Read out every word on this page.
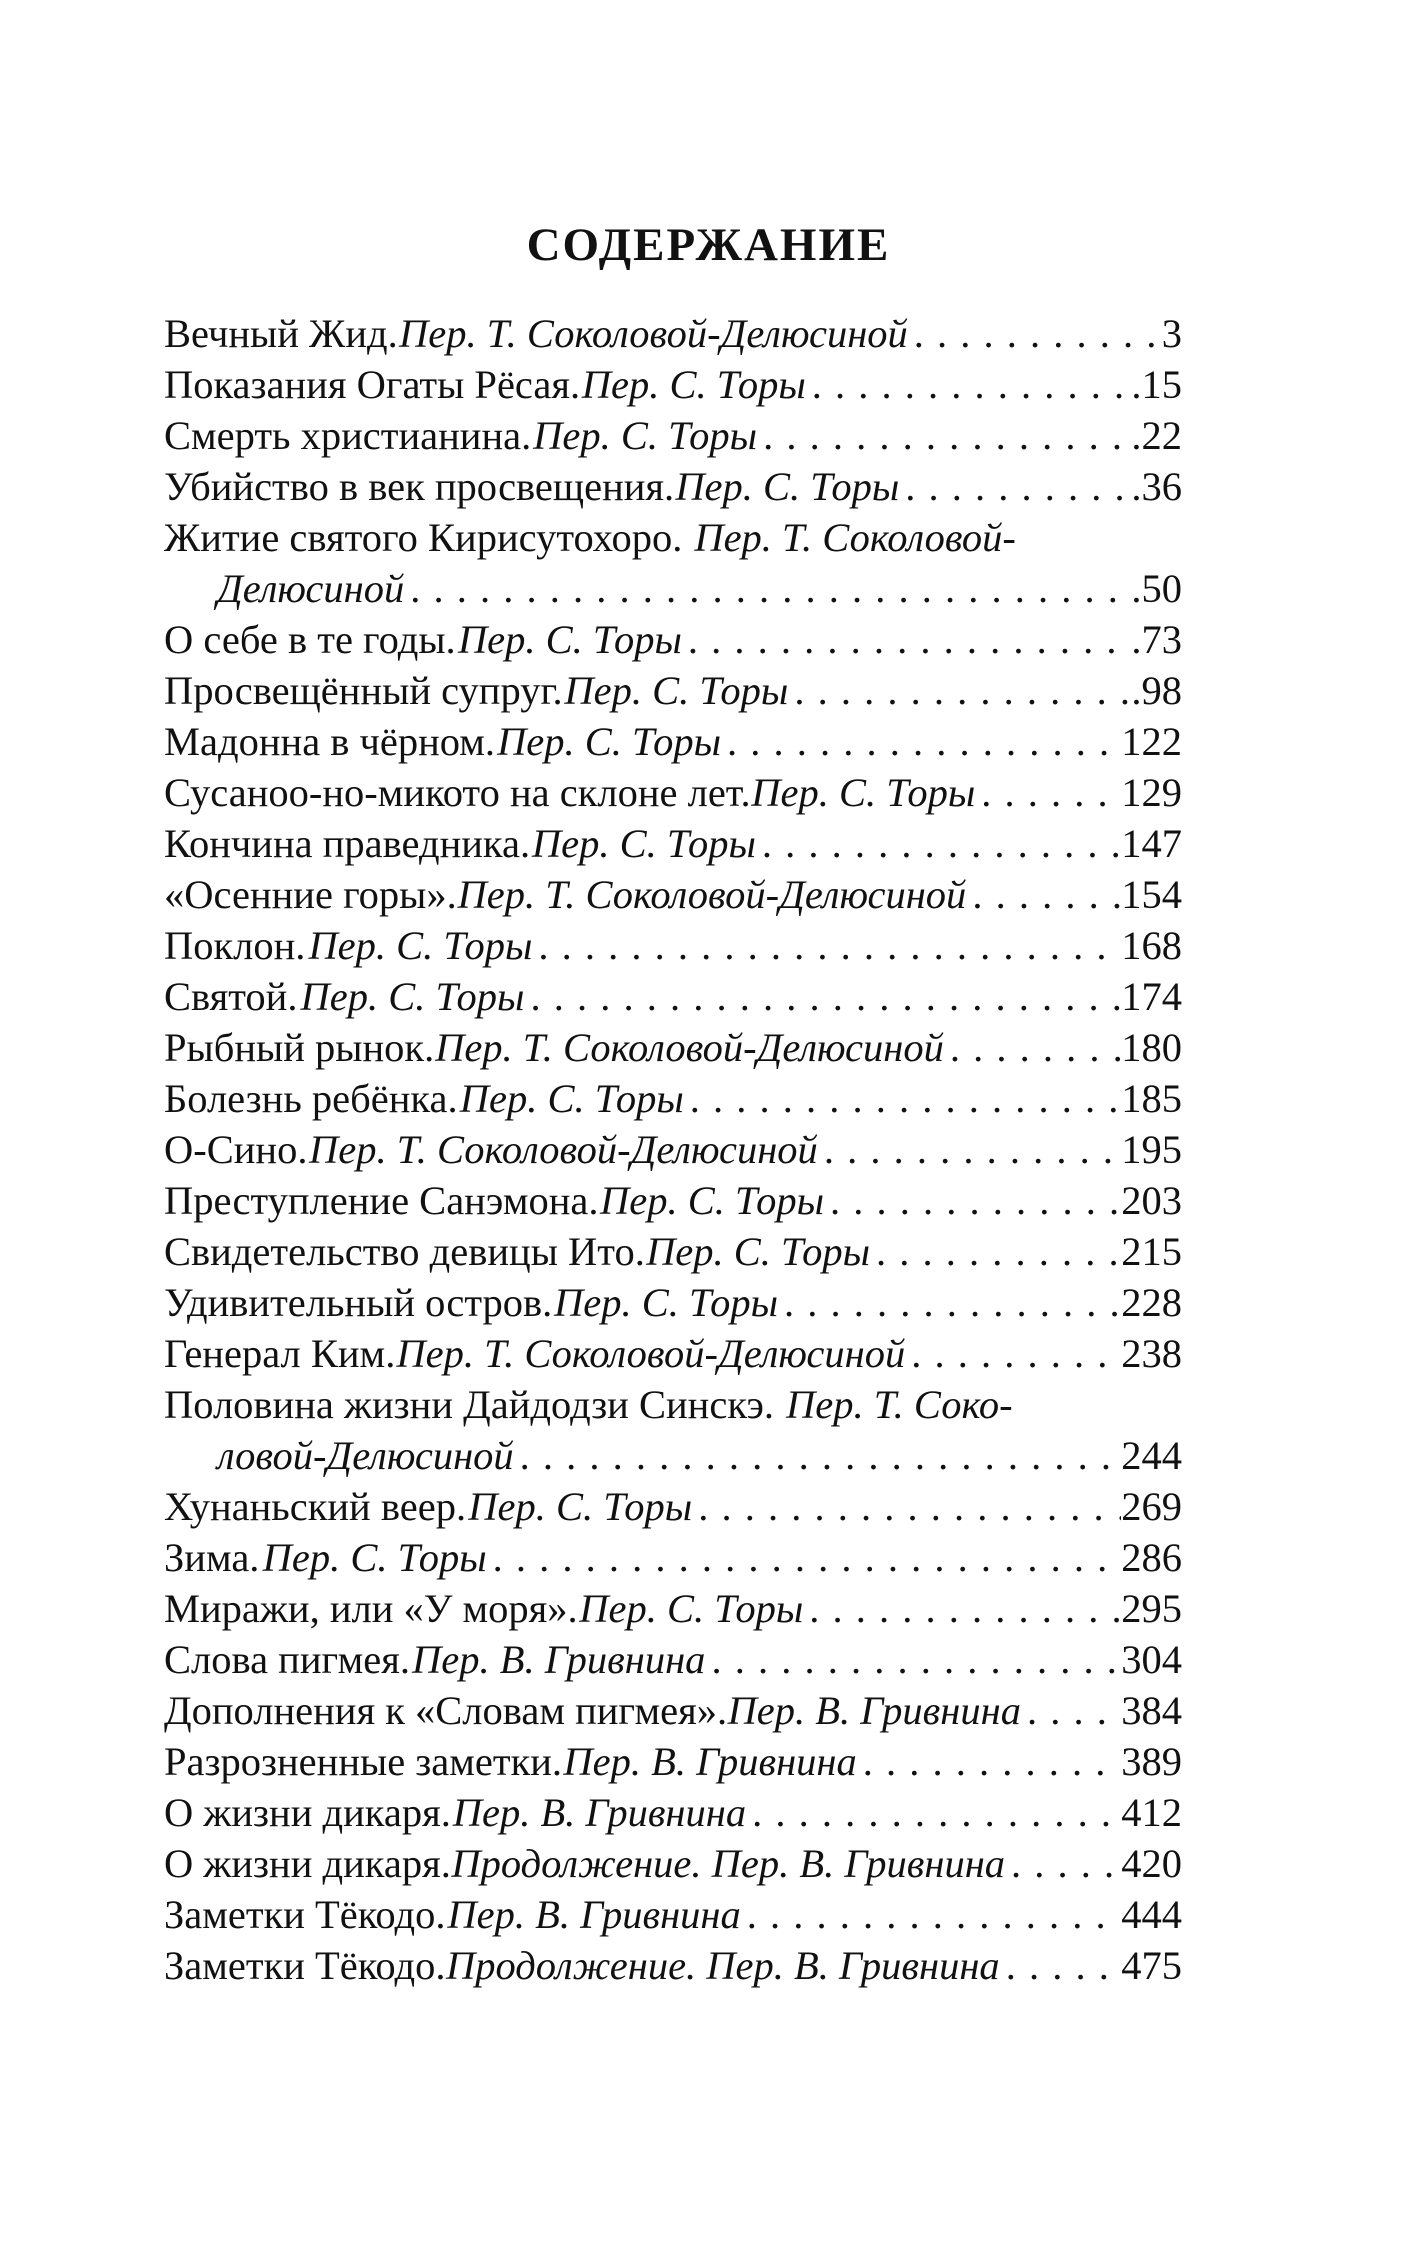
СОДЕРЖАНИЕ
Вечный Жид. Пер. Т. Соколовой-Делюсиной . . .	3
Показания Огаты Рёсая. Пер. С. Торы . . .	.15
Смерть христианина. Пер. С. Торы . . .	.22
Убийство в век просвещения. Пер. С. Торы . . .	.36
Житие святого Кирисутохоро. Пер. Т. Соколовой-
Делюсиной . . .	.50
О себе в те годы. Пер. С. Торы . . .	.73
Просвещённый супруг. Пер. С. Торы . . .	.98
Мадонна в чёрном. Пер. С. Торы . . .	122
Сусаноо-но-микото на склоне лет. Пер. С. Торы . . .	129
Кончина праведника. Пер. С. Торы . . .	147
«Осенние горы». Пер. Т. Соколовой-Делюсиной . . .	154
Поклон. Пер. С. Торы . . .	168
Святой. Пер. С. Торы . . .	174
Рыбный рынок. Пер. Т. Соколовой-Делюсиной . . .	180
Болезнь ребёнка. Пер. С. Торы . . .	185
О-Сино. Пер. Т. Соколовой-Делюсиной . . .	195
Преступление Санэмона. Пер. С. Торы . . .	203
Свидетельство девицы Ито. Пер. С. Торы . . .	215
Удивительный остров. Пер. С. Торы . . .	228
Генерал Ким. Пер. Т. Соколовой-Делюсиной . . .	238
Половина жизни Дайдодзи Синскэ. Пер. Т. Соко-
ловой-Делюсиной . . .	244
Хунаньский веер. Пер. С. Торы . . .	269
Зима. Пер. С. Торы . . .	286
Миражи, или «У моря». Пер. С. Торы . . .	295
Слова пигмея. Пер. В. Гривнина . . .	304
Дополнения к «Словам пигмея». Пер. В. Гривнина . . . 384
Разрозненные заметки. Пер. В. Гривнина . . .	389
О жизни дикаря. Пер. В. Гривнина . . .	412
О жизни дикаря. Продолжение. Пер. В. Гривнина . . .	420
Заметки Тёкодо. Пер. В. Гривнина . . .	444
Заметки Тёкодо. Продолжение. Пер. В. Гривнина . . .	475
